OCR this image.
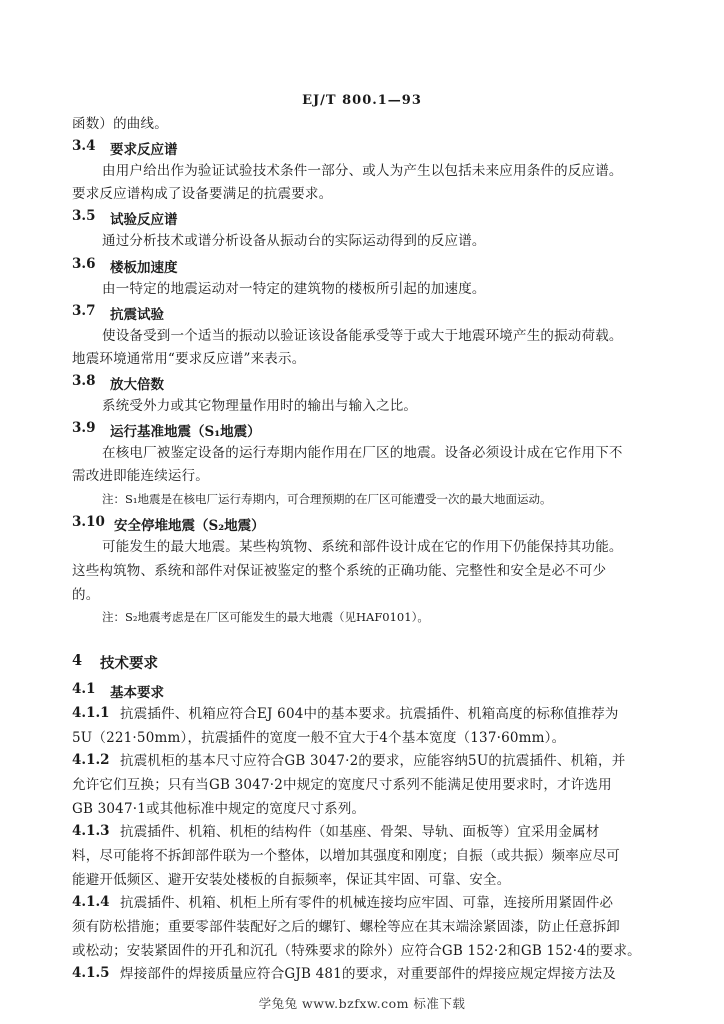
EJ/T 800.1—93
函数）的曲线。
3.4 要求反应谱
由用户给出作为验证试验技术条件一部分、或人为产生以包括未来应用条件的反应谱。
要求反应谱构成了设备要满足的抗震要求。
3.5 试验反应谱
通过分析技术或谱分析设备从振动台的实际运动得到的反应谱。
3.6 楼板加速度
由一特定的地震运动对一特定的建筑物的楼板所引起的加速度。
3.7 抗震试验
使设备受到一个适当的振动以验证该设备能承受等于或大于地震环境产生的振动荷载。
地震环境通常用“要求反应谱”来表示。
3.8 放大倍数
系统受外力或其它物理量作用时的输出与输入之比。
3.9 运行基准地震（S₁地震）
在核电厂被鉴定设备的运行寿期内能作用在厂区的地震。设备必须设计成在它作用下不
需改进即能连续运行。
注：S₁地震是在核电厂运行寿期内，可合理预期的在厂区可能遭受一次的最大地面运动。
3.10 安全停堆地震（S₂地震）
可能发生的最大地震。某些构筑物、系统和部件设计成在它的作用下仍能保持其功能。
这些构筑物、系统和部件对保证被鉴定的整个系统的正确功能、完整性和安全是必不可少
的。
注：S₂地震考虑是在厂区可能发生的最大地震（见HAF0101）。
4 技术要求
4.1 基本要求
4.1.1 抗震插件、机箱应符合EJ 604中的基本要求。抗震插件、机箱高度的标称值推荐为
5U（221·50mm），抗震插件的宽度一般不宜大于4个基本宽度（137·60mm）。
4.1.2 抗震机柜的基本尺寸应符合GB 3047·2的要求，应能容纳5U的抗震插件、机箱，并
允许它们互换；只有当GB 3047·2中规定的宽度尺寸系列不能满足使用要求时，才许选用
GB 3047·1或其他标准中规定的宽度尺寸系列。
4.1.3 抗震插件、机箱、机柜的结构件（如基座、骨架、导轨、面板等）宜采用金属材
料，尽可能将不拆卸部件联为一个整体，以增加其强度和刚度；自振（或共振）频率应尽可
能避开低频区、避开安装处楼板的自振频率，保证其牢固、可靠、安全。
4.1.4 抗震插件、机箱、机柜上所有零件的机械连接均应牢固、可靠，连接所用紧固件必
须有防松措施；重要零部件装配好之后的螺钉、螺栓等应在其末端涂紧固漆，防止任意拆卸
或松动；安装紧固件的开孔和沉孔（特殊要求的除外）应符合GB 152·2和GB 152·4的要求。
4.1.5 焊接部件的焊接质量应符合GJB 481的要求，对重要部件的焊接应规定焊接方法及
学兔兔 www.bzfxw.com 标准下载
